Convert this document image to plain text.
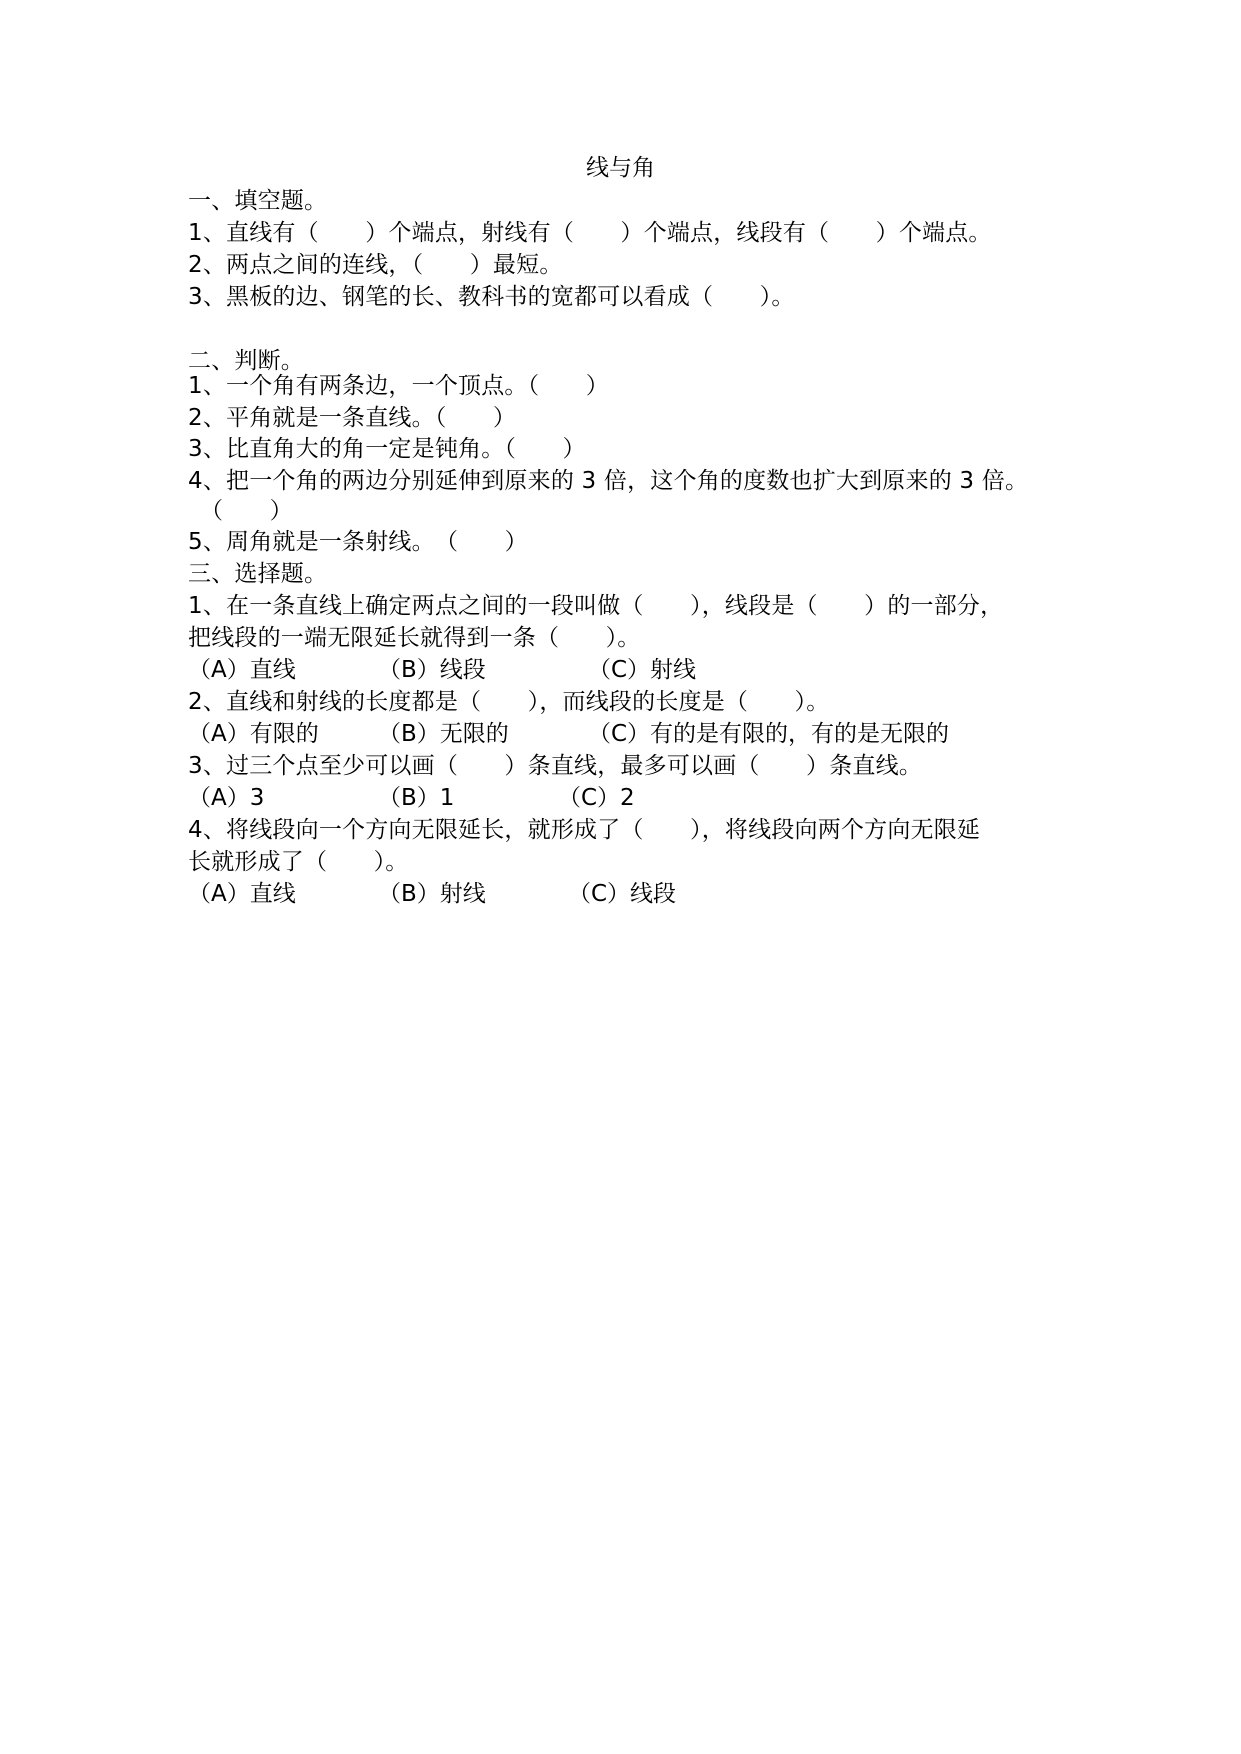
线与角
一、填空题。
1、直线有（　　）个端点，射线有（　　）个端点，线段有（　　）个端点。
2、两点之间的连线，（　　）最短。
3、黑板的边、钢笔的长、教科书的宽都可以看成（　　）。
二、判断。
1、一个角有两条边，一个顶点。（　　）
2、平角就是一条直线。（　　）
3、比直角大的角一定是钝角。（　　）
4、把一个角的两边分别延伸到原来的 3 倍，这个角的度数也扩大到原来的 3 倍。
（　　）
5、周角就是一条射线。　（　　）
三、选择题。
1、在一条直线上确定两点之间的一段叫做（　　），线段是（　　）的一部分，
把线段的一端无限延长就得到一条（　　）。
（A）直线	（B）线段	（C）射线
2、直线和射线的长度都是（　　），而线段的长度是（　　）。
（A）有限的	（B）无限的	（C）有的是有限的，有的是无限的
3、过三个点至少可以画（　　）条直线，最多可以画（　　）条直线。
（A）3	（B）1	（C）2
4、将线段向一个方向无限延长，就形成了（　　），将线段向两个方向无限延
长就形成了（　　）。
（A）直线	（B）射线	（C）线段
